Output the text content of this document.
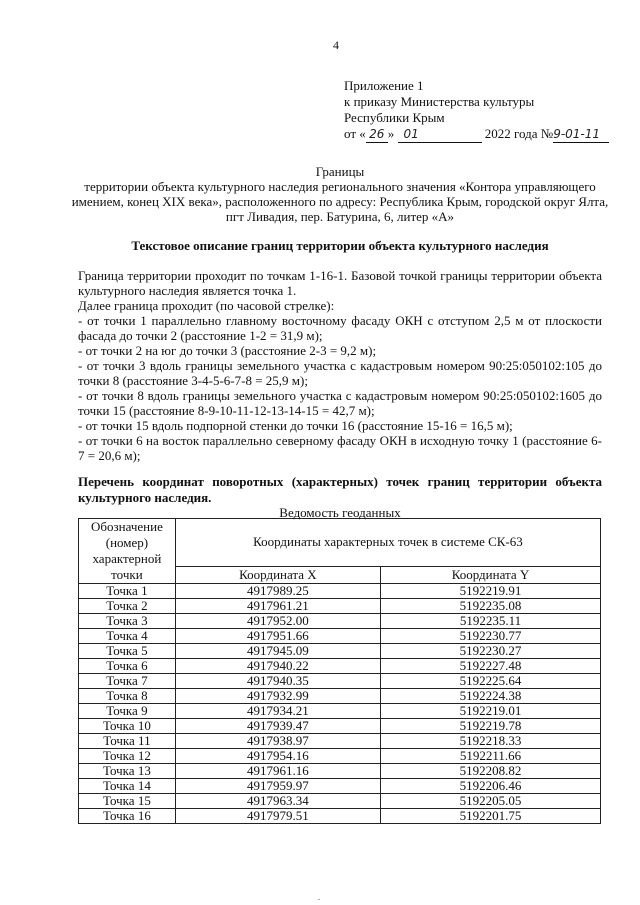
4
Приложение 1
к приказу Министерства культуры
Республики Крым
от « 26 » 01	2022 года №9-01-11
Границы
территории объекта культурного наследия регионального значения «Контора управляющего имением, конец XIX века», расположенного по адресу: Республика Крым, городской округ Ялта, пгт Ливадия, пер. Батурина, 6, литер «А»
Текстовое описание границ территории объекта культурного наследия

Граница территории проходит по точкам 1-16-1. Базовой точкой границы территории объекта культурного наследия является точка 1.

Далее граница проходит (по часовой стрелке):

- от точки 1 параллельно главному восточному фасаду ОКН с отступом 2,5 м от плоскости фасада до точки 2 (расстояние 1-2 = 31,9 м);

- от точки 2 на юг до точки 3 (расстояние 2-3 = 9,2 м);

- от точки 3 вдоль границы земельного участка с кадастровым номером 90:25:050102:105 до точки 8 (расстояние 3-4-5-6-7-8 = 25,9 м);

- от точки 8 вдоль границы земельного участка с кадастровым номером 90:25:050102:1605 до точки 15 (расстояние 8-9-10-11-12-13-14-15 = 42,7 м);

- от точки 15 вдоль подпорной стенки до точки 16 (расстояние 15-16 = 16,5 м);

- от точки 6 на восток параллельно северному фасаду ОКН в исходную точку 1 (расстояние 6-7 = 20,6 м);

Перечень координат поворотных (характерных) точек границ территории объекта культурного наследия.
Ведомость геоданных
Обозначение (номер) характерной точки	Координаты характерных точек в системе СК-63	
	Координата X	Координата Y
Точка 1	4917989.25	5192219.91
Точка 2	4917961.21	5192235.08
Точка 3	4917952.00	5192235.11
Точка 4	4917951.66	5192230.77
Точка 5	4917945.09	5192230.27
Точка 6	4917940.22	5192227.48
Точка 7	4917940.35	5192225.64
Точка 8	4917932.99	5192224.38
Точка 9	4917934.21	5192219.01
Точка 10	4917939.47	5192219.78
Точка 11	4917938.97	5192218.33
Точка 12	4917954.16	5192211.66
Точка 13	4917961.16	5192208.82
Точка 14	4917959.97	5192206.46
Точка 15	4917963.34	5192205.05
Точка 16	4917979.51	5192201.75
.
